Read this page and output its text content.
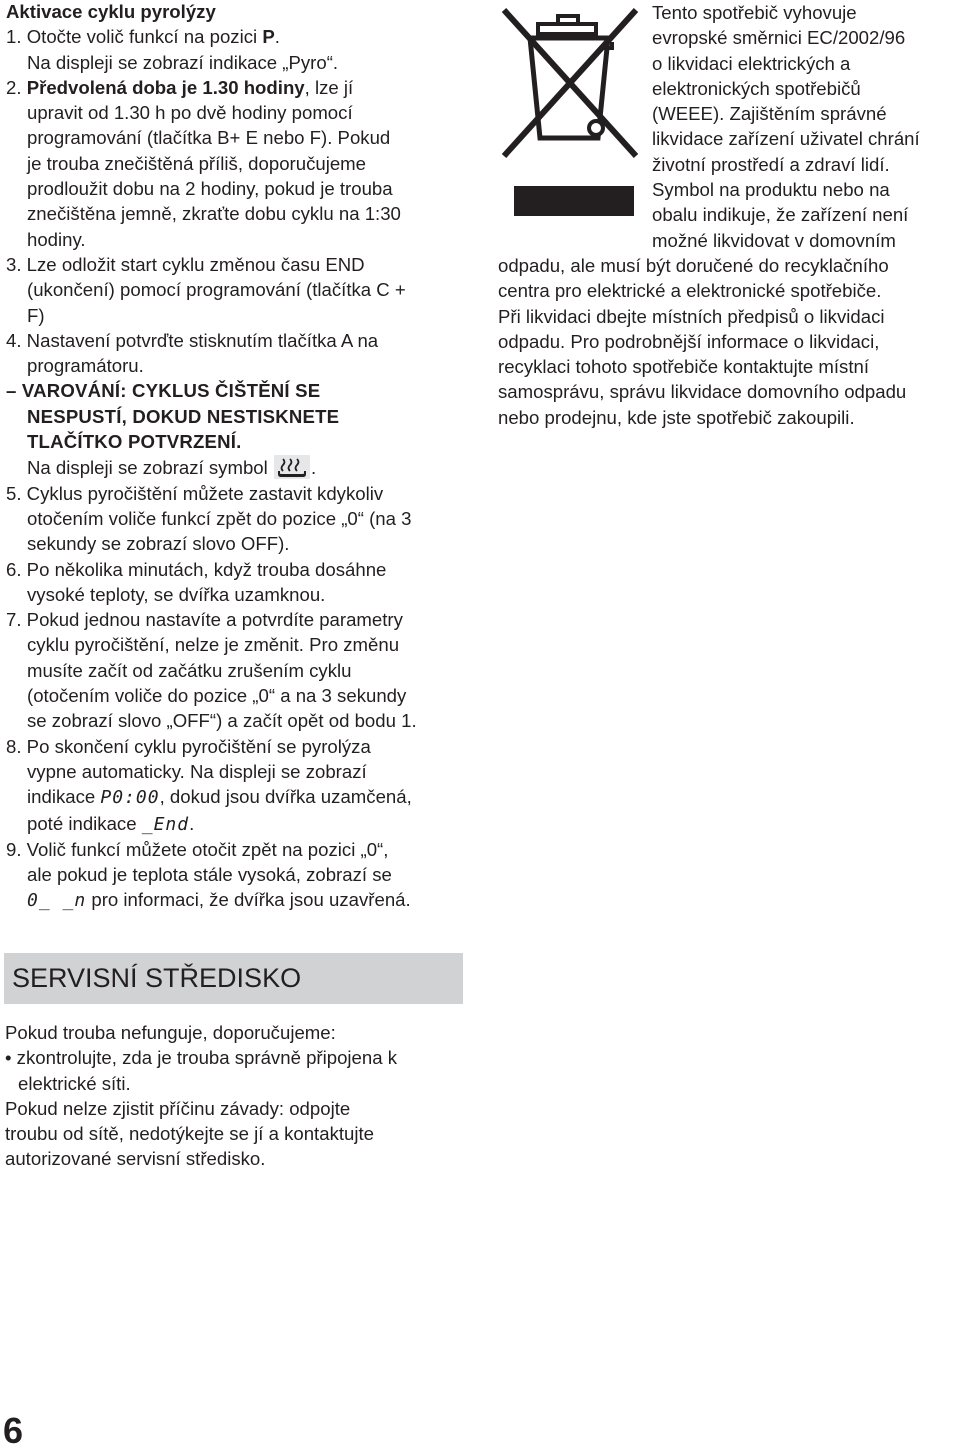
Aktivace cyklu pyrolýzy
1. Otočte volič funkcí na pozici P.
Na displeji se zobrazí indikace „Pyro“.
2. Předvolená doba je 1.30 hodiny, lze jí
upravit od 1.30 h po dvě hodiny pomocí
programování (tlačítka B+ E nebo F). Pokud
je trouba znečištěná příliš, doporučujeme
prodloužit dobu na 2 hodiny, pokud je trouba
znečištěna jemně, zkraťte dobu cyklu na 1:30
hodiny.
3. Lze odložit start cyklu změnou času END
(ukončení) pomocí programování (tlačítka C +
F)
4. Nastavení potvrďte stisknutím tlačítka A na
programátoru.
– VAROVÁNÍ: CYKLUS ČIŠTĚNÍ SE
NESPUSTÍ, DOKUD NESTISKNETE
TLAČÍTKO POTVRZENÍ.
Na displeji se zobrazí symbol .
5. Cyklus pyročištění můžete zastavit kdykoliv
otočením voliče funkcí zpět do pozice „0“ (na 3
sekundy se zobrazí slovo OFF).
6. Po několika minutách, když trouba dosáhne
vysoké teploty, se dvířka uzamknou.
7. Pokud jednou nastavíte a potvrdíte parametry
cyklu pyročištění, nelze je změnit. Pro změnu
musíte začít od začátku zrušením cyklu
(otočením voliče do pozice „0“ a na 3 sekundy
se zobrazí slovo „OFF“) a začít opět od bodu 1.
8. Po skončení cyklu pyročištění se pyrolýza
vypne automaticky. Na displeji se zobrazí
indikace P0:00, dokud jsou dvířka uzamčená,
poté indikace _End.
9. Volič funkcí můžete otočit zpět na pozici „0“,
ale pokud je teplota stále vysoká, zobrazí se
0_ _n pro informaci, že dvířka jsou uzavřená.
Tento spotřebič vyhovuje
evropské směrnici EC/2002/96
o likvidaci elektrických a
elektronických spotřebičů
(WEEE). Zajištěním správné
likvidace zařízení uživatel chrání
životní prostředí a zdraví lidí.
Symbol na produktu nebo na
obalu indikuje, že zařízení není
možné likvidovat v domovním
odpadu, ale musí být doručené do recyklačního
centra pro elektrické a elektronické spotřebiče.
Při likvidaci dbejte místních předpisů o likvidaci
odpadu. Pro podrobnější informace o likvidaci,
recyklaci tohoto spotřebiče kontaktujte místní
samosprávu, správu likvidace domovního odpadu
nebo prodejnu, kde jste spotřebič zakoupili.
SERVISNÍ STŘEDISKO
Pokud trouba nefunguje, doporučujeme:
• zkontrolujte, zda je trouba správně připojena k
elektrické síti.
Pokud nelze zjistit příčinu závady: odpojte
troubu od sítě, nedotýkejte se jí a kontaktujte
autorizované servisní středisko.
6
